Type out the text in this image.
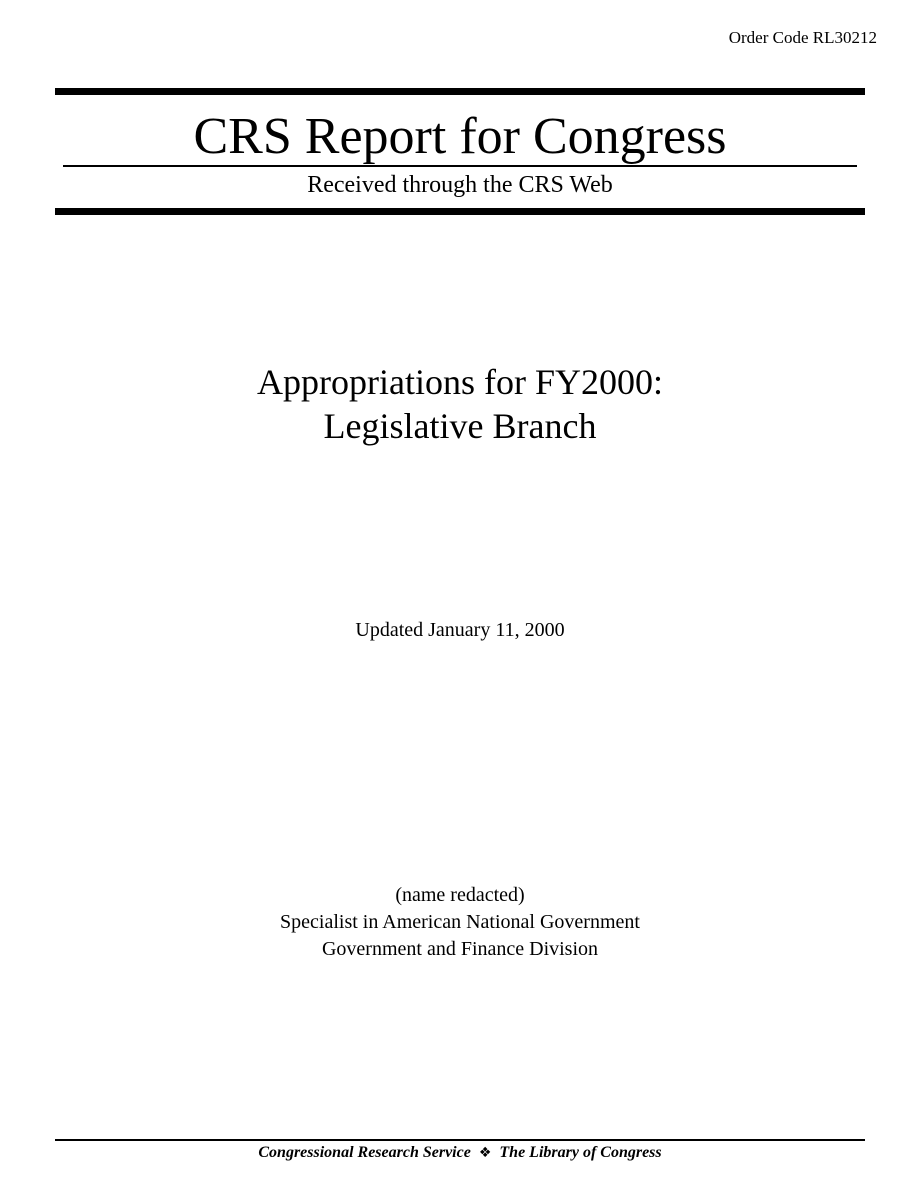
Order Code RL30212
CRS Report for Congress
Received through the CRS Web
Appropriations for FY2000:
Legislative Branch
Updated January 11, 2000
(name redacted)
Specialist in American National Government
Government and Finance Division
Congressional Research Service ❖ The Library of Congress
